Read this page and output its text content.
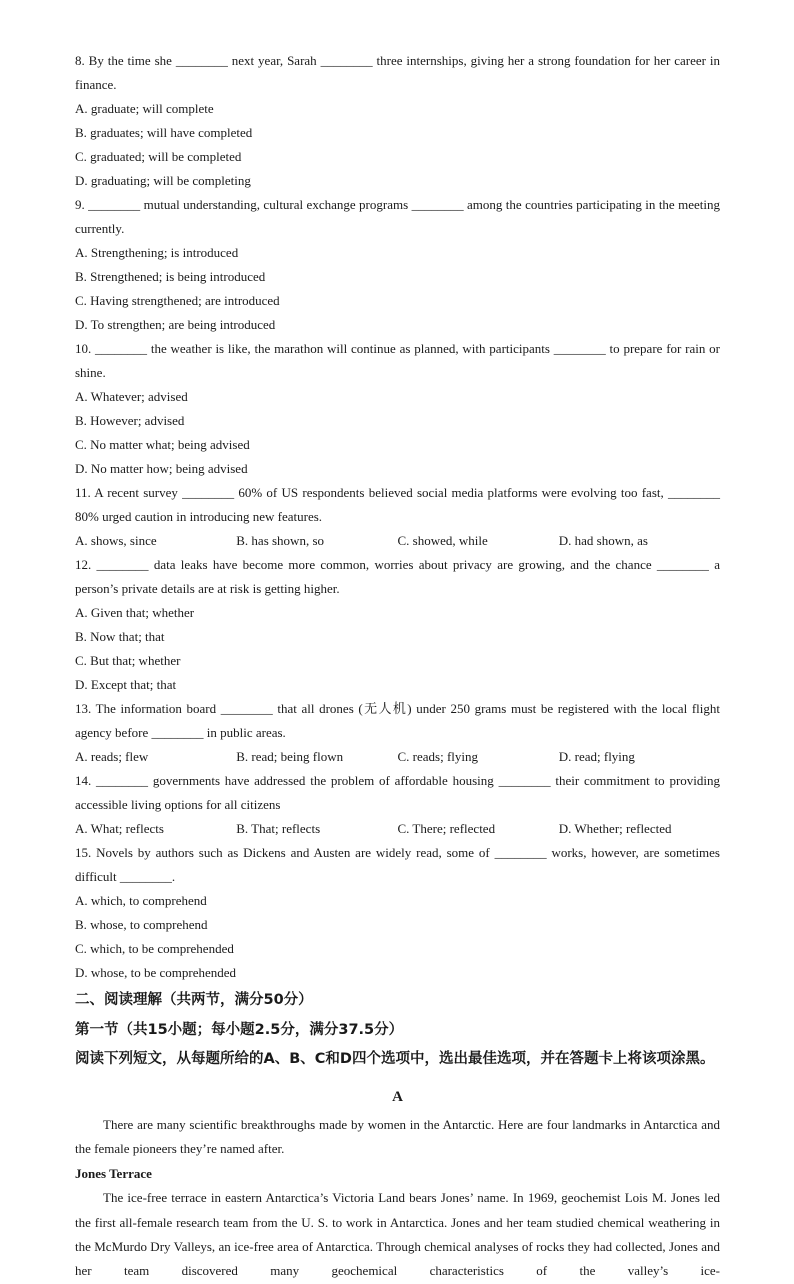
8. By the time she ________ next year, Sarah ________ three internships, giving her a strong foundation for her career in finance.

A. graduate; will complete
B. graduates; will have completed
C. graduated; will be completed
D. graduating; will be completing

9. ________ mutual understanding, cultural exchange programs ________ among the countries participating in the meeting currently.

A. Strengthening; is introduced
B. Strengthened; is being introduced
C. Having strengthened; are introduced
D. To strengthen; are being introduced

10. ________ the weather is like, the marathon will continue as planned, with participants ________ to prepare for rain or shine.

A. Whatever; advised
B. However; advised
C. No matter what; being advised
D. No matter how; being advised

11. A recent survey ________ 60% of US respondents believed social media platforms were evolving too fast, ________ 80% urged caution in introducing new features.

A. shows, since	B. has shown, so	C. showed, while	D. had shown, as

12. ________ data leaks have become more common, worries about privacy are growing, and the chance ________ a person’s private details are at risk is getting higher.

A. Given that; whether
B. Now that; that
C. But that; whether
D. Except that; that

13. The information board ________ that all drones (无人机) under 250 grams must be registered with the local flight agency before ________ in public areas.

A. reads; flew	B. read; being flown	C. reads; flying	D. read; flying

14. ________ governments have addressed the problem of affordable housing ________ their commitment to providing accessible living options for all citizens

A. What; reflects	B. That; reflects	C. There; reflected	D. Whether; reflected

15. Novels by authors such as Dickens and Austen are widely read, some of ________ works, however, are sometimes difficult ________.

A. which, to comprehend
B. whose, to comprehend
C. which, to be comprehended
D. whose, to be comprehended

二、阅读理解（共两节，满分50分）

第一节（共15小题；每小题2.5分，满分37.5分）

阅读下列短文，从每题所给的A、B、C和D四个选项中，选出最佳选项，并在答题卡上将该项涂黑。

A

There are many scientific breakthroughs made by women in the Antarctic. Here are four landmarks in Antarctica and the female pioneers they’re named after.

Jones Terrace

The ice-free terrace in eastern Antarctica’s Victoria Land bears Jones’ name. In 1969, geochemist Lois M. Jones led the first all-female research team from the U. S. to work in Antarctica. Jones and her team studied chemical weathering in the McMurdo Dry Valleys, an ice-free area of Antarctica. Through chemical analyses of rocks they had collected, Jones and her team discovered many geochemical characteristics of the valley’s ice-
